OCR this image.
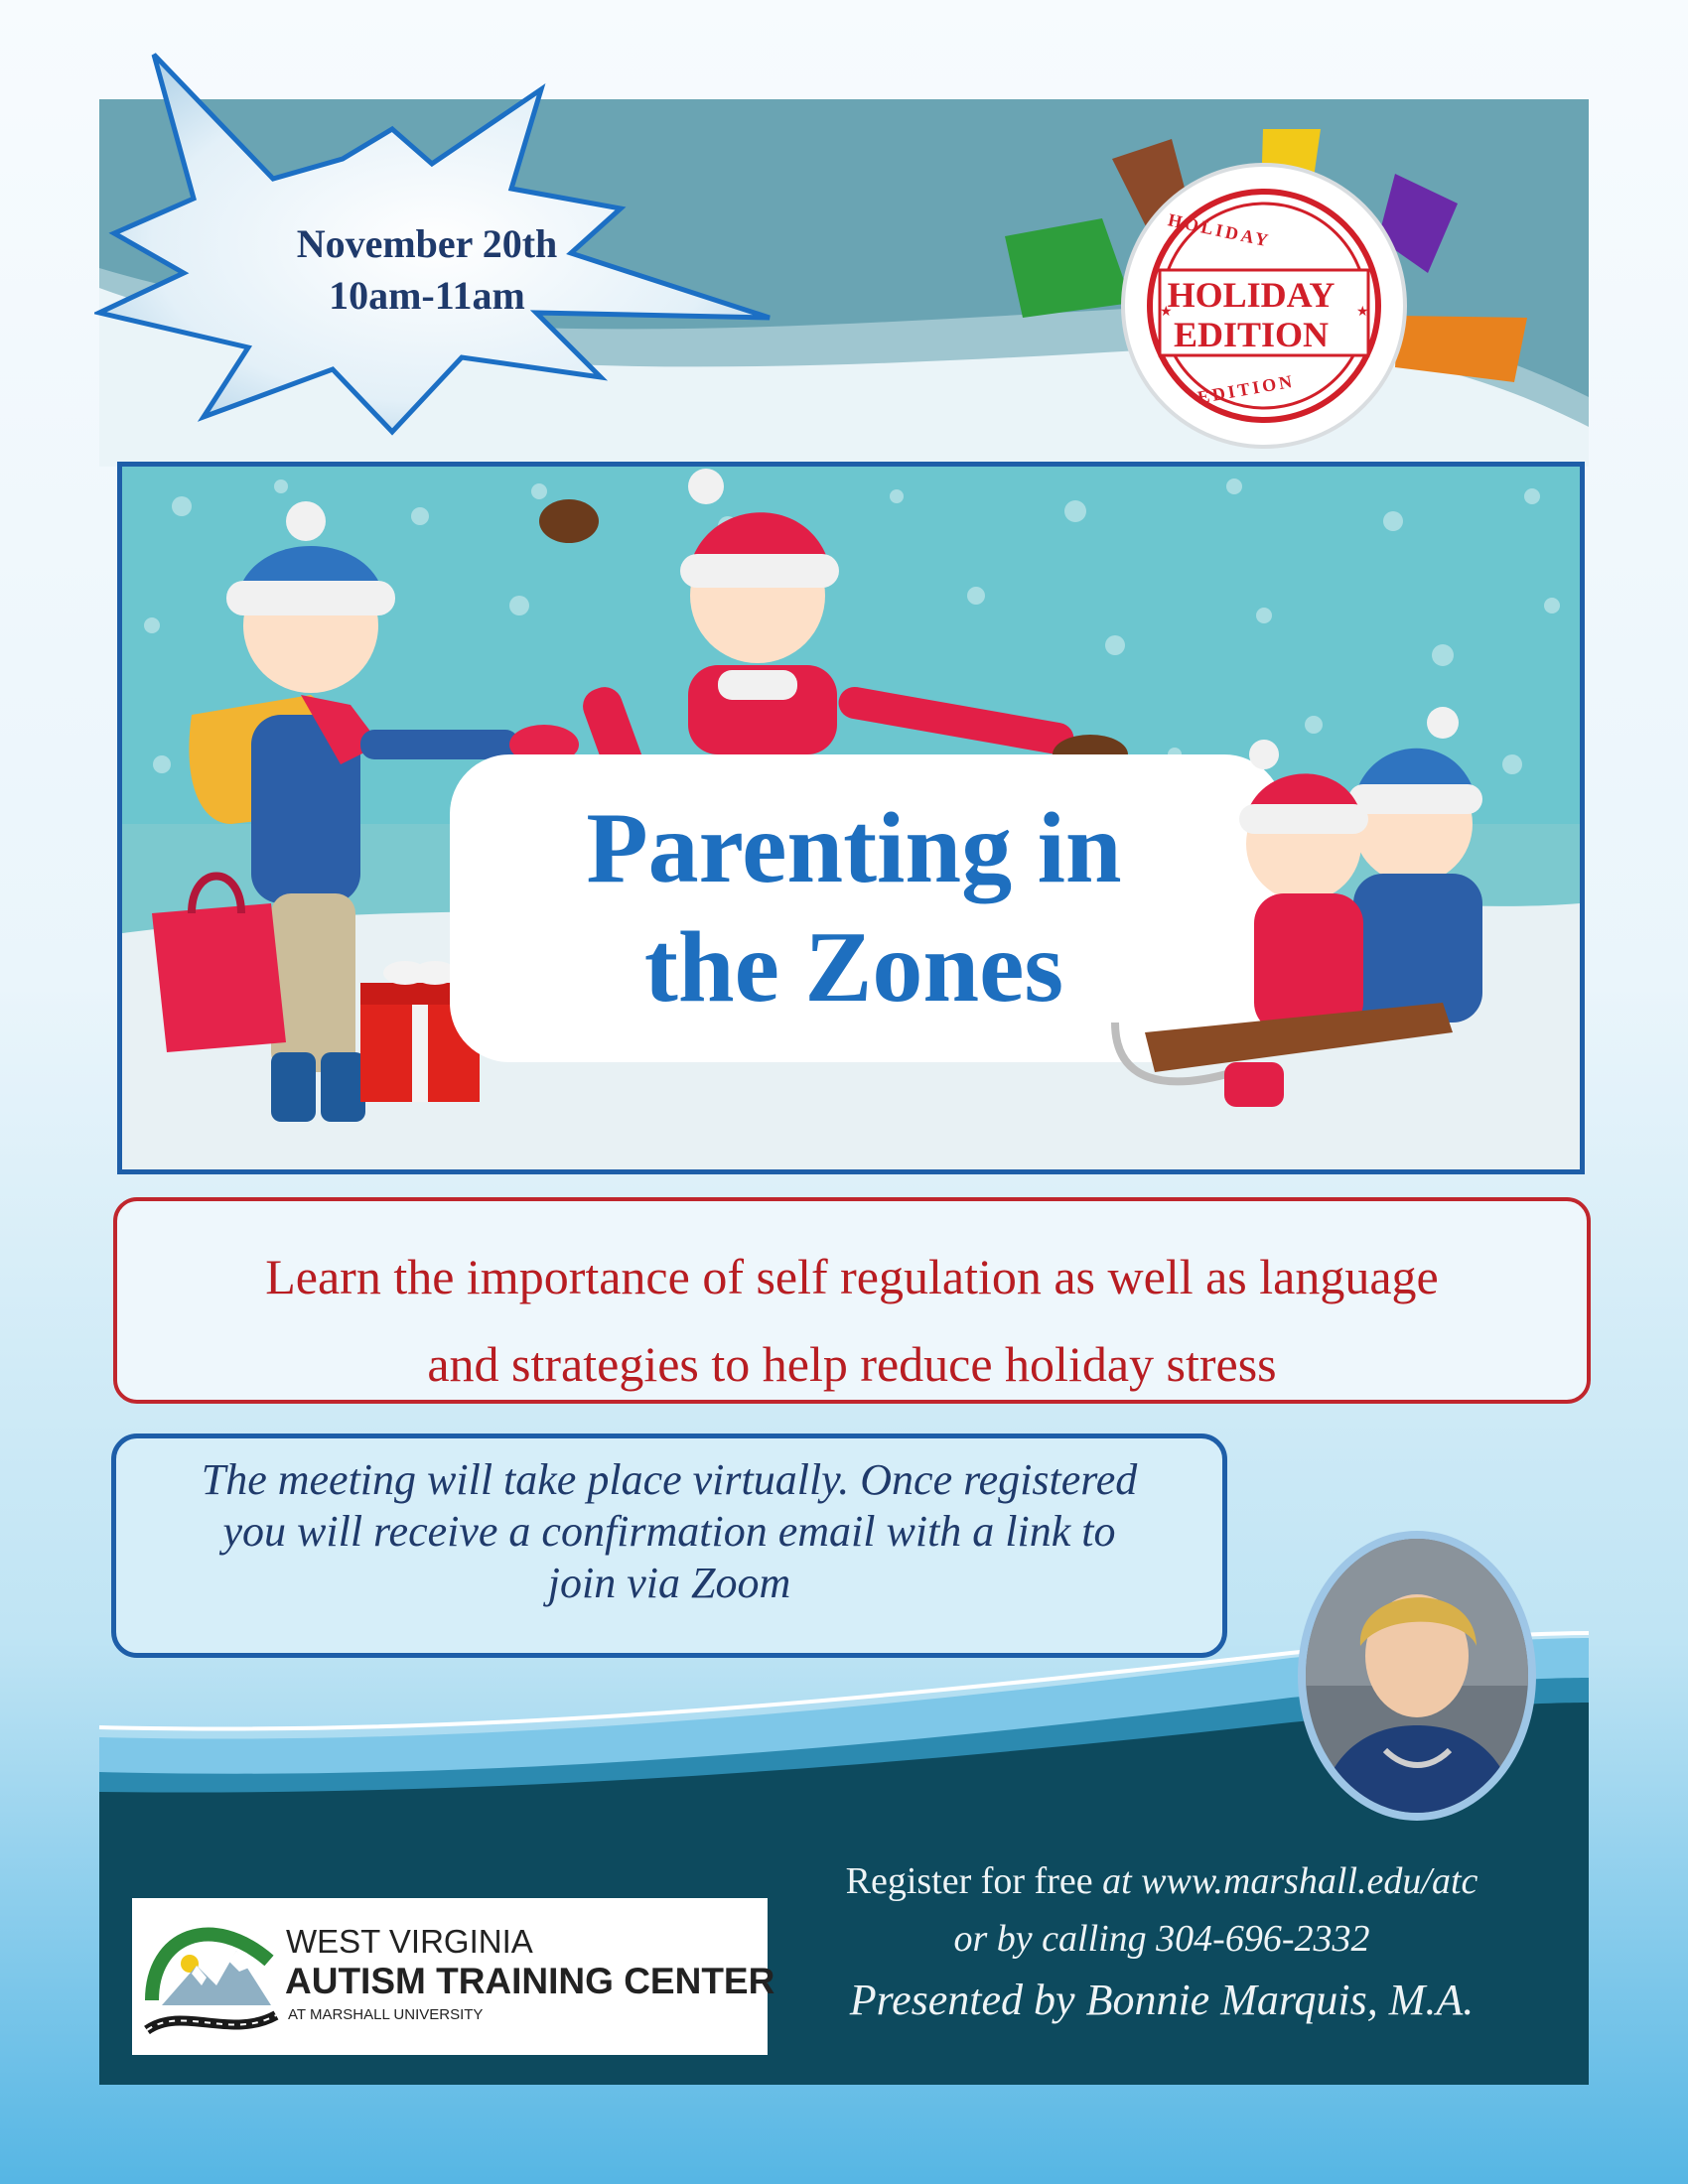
November 20th
10am-11am	★	★
HOLIDAY
HOLIDAY
EDITION
EDITION
Parenting in
the Zones

Learn the importance of self regulation as well as language

and strategies to help reduce holiday stress

The meeting will take place virtually. Once registered

you will receive a confirmation email with a link to

join via Zoom

WEST VIRGINIA
AUTISM TRAINING CENTER
AT MARSHALL UNIVERSITY
Register for free at www.marshall.edu/atc
or by calling 304-696-2332
Presented by Bonnie Marquis, M.A.
